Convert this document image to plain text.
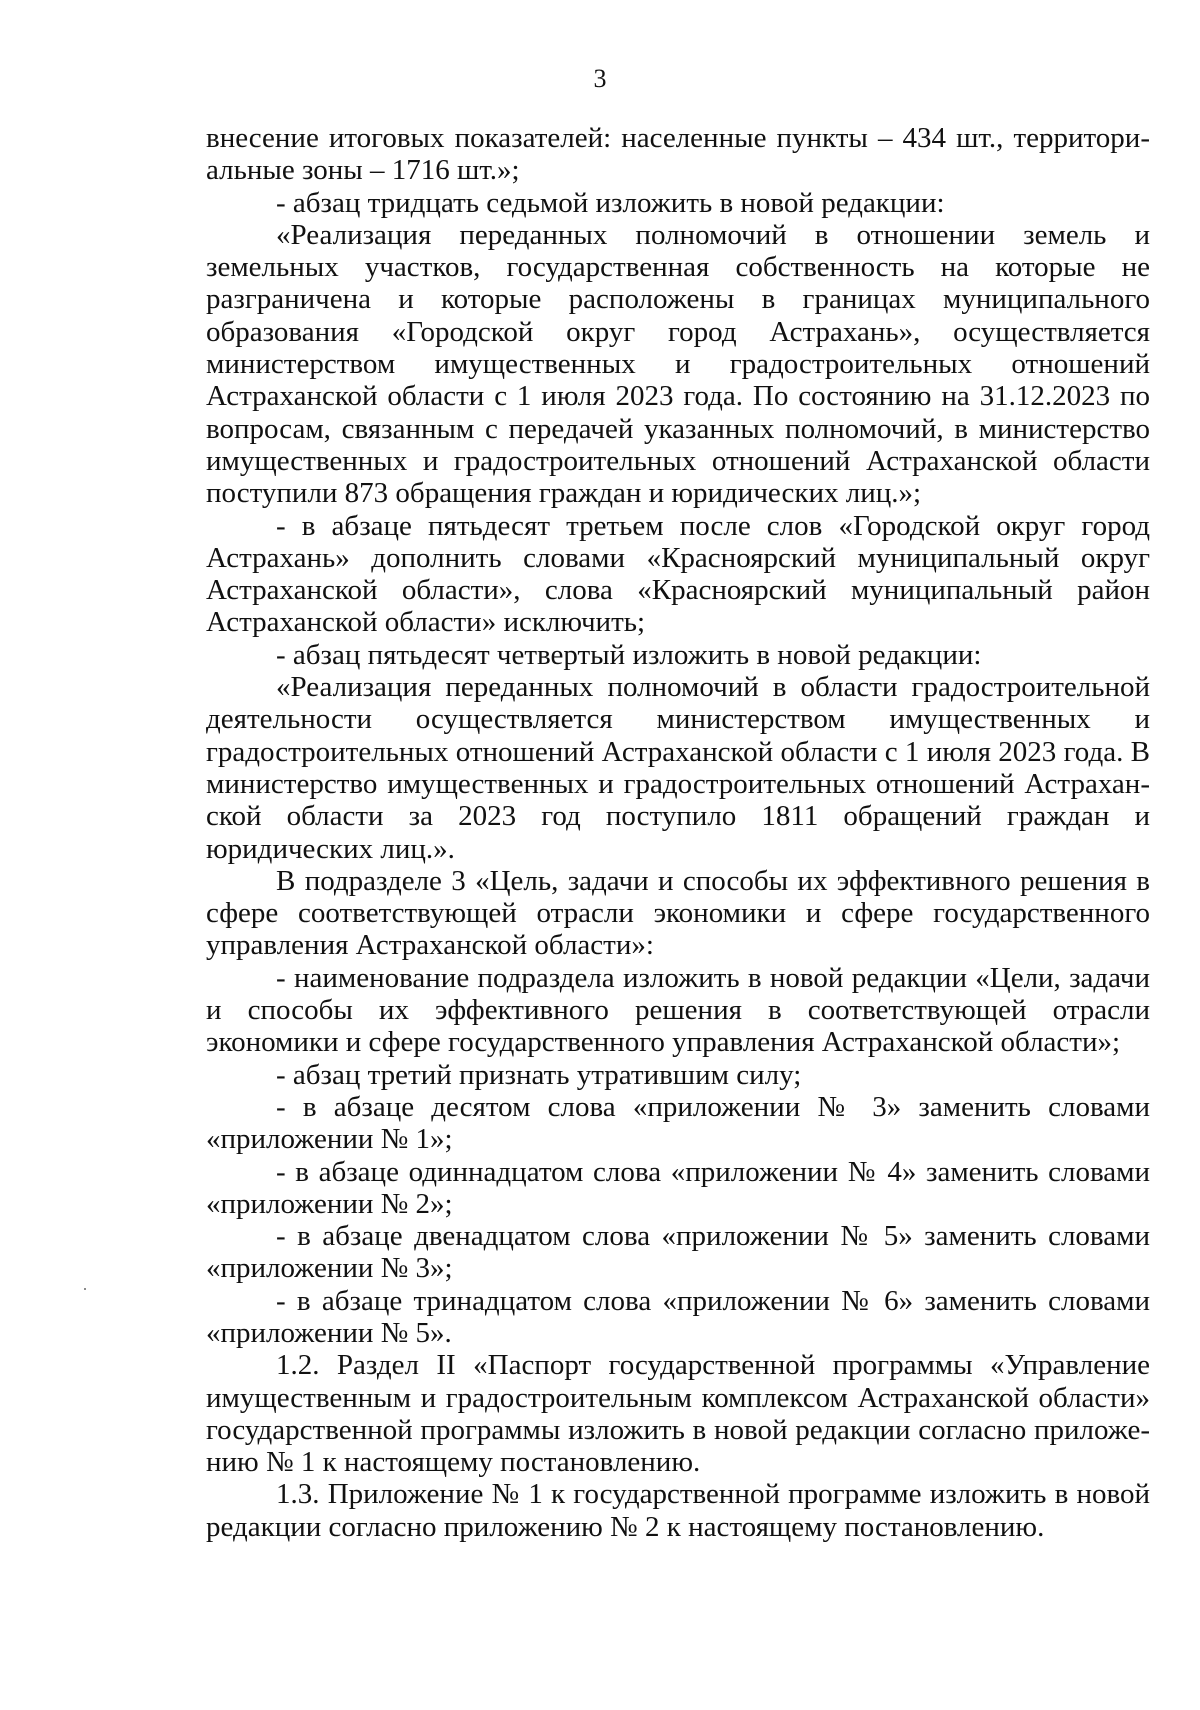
3

внесение итоговых показателей: населенные пункты – 434 шт., территориальные зоны – 1716 шт.»;

- абзац тридцать седьмой изложить в новой редакции:

«Реализация переданных полномочий в отношении земель и земельных участков, государственная собственность на которые не разграничена и которые расположены в границах муниципального образования «Городской округ город Астрахань», осуществляется министерством имущественных и градостроительных отношений Астраханской области с 1 июля 2023 года. По состоянию на 31.12.2023 по вопросам, связанным с передачей указанных полномочий, в министерство имущественных и градостроительных отношений Астраханской области поступили 873 обращения граждан и юридических лиц.»;

- в абзаце пятьдесят третьем после слов «Городской округ город Астрахань» дополнить словами «Красноярский муниципальный округ Астраханской области», слова «Красноярский муниципальный район Астраханской области» исключить;

- абзац пятьдесят четвертый изложить в новой редакции:

«Реализация переданных полномочий в области градостроительной деятельности осуществляется министерством имущественных и градостроительных отношений Астраханской области с 1 июля 2023 года. В министерство имущественных и градостроительных отношений Астраханской области за 2023 год поступило 1811 обращений граждан и юридических лиц.».

В подразделе 3 «Цель, задачи и способы их эффективного решения в сфере соответствующей отрасли экономики и сфере государственного управления Астраханской области»:

- наименование подраздела изложить в новой редакции «Цели, задачи и способы их эффективного решения в соответствующей отрасли экономики и сфере государственного управления Астраханской области»;

- абзац третий признать утратившим силу;

- в абзаце десятом слова «приложении № 3» заменить словами «приложении № 1»;

- в абзаце одиннадцатом слова «приложении № 4» заменить словами «приложении № 2»;

- в абзаце двенадцатом слова «приложении № 5» заменить словами «приложении № 3»;

- в абзаце тринадцатом слова «приложении № 6» заменить словами «приложении № 5».

1.2. Раздел II «Паспорт государственной программы «Управление имущественным и градостроительным комплексом Астраханской области» государственной программы изложить в новой редакции согласно приложению № 1 к настоящему постановлению.

1.3. Приложение № 1 к государственной программе изложить в новой редакции согласно приложению № 2 к настоящему постановлению.
